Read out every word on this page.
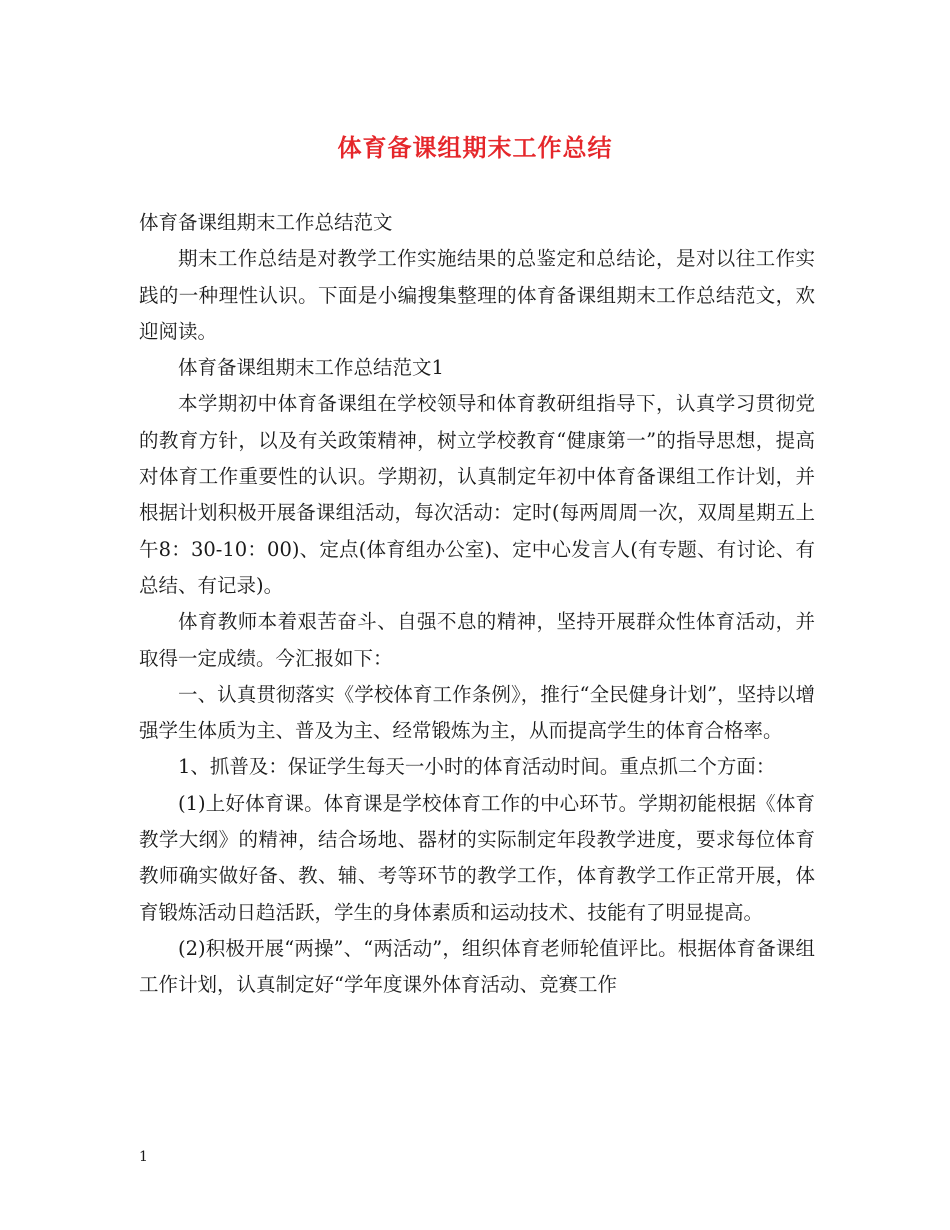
体育备课组期末工作总结

体育备课组期末工作总结范文

期末工作总结是对教学工作实施结果的总鉴定和总结论，是对以往工作实践的一种理性认识。下面是小编搜集整理的体育备课组期末工作总结范文，欢迎阅读。

体育备课组期末工作总结范文1

本学期初中体育备课组在学校领导和体育教研组指导下，认真学习贯彻党的教育方针，以及有关政策精神，树立学校教育“健康第一”的指导思想，提高对体育工作重要性的认识。学期初，认真制定年初中体育备课组工作计划，并根据计划积极开展备课组活动，每次活动：定时(每两周周一次，双周星期五上午8：30-10：00)、定点(体育组办公室)、定中心发言人(有专题、有讨论、有总结、有记录)。

体育教师本着艰苦奋斗、自强不息的精神，坚持开展群众性体育活动，并取得一定成绩。今汇报如下：

一、认真贯彻落实《学校体育工作条例》，推行“全民健身计划”，坚持以增强学生体质为主、普及为主、经常锻炼为主，从而提高学生的体育合格率。

1、抓普及：保证学生每天一小时的体育活动时间。重点抓二个方面：

(1)上好体育课。体育课是学校体育工作的中心环节。学期初能根据《体育教学大纲》的精神，结合场地、器材的实际制定年段教学进度，要求每位体育教师确实做好备、教、辅、考等环节的教学工作，体育教学工作正常开展，体育锻炼活动日趋活跃，学生的身体素质和运动技术、技能有了明显提高。

(2)积极开展“两操”、“两活动”，组织体育老师轮值评比。根据体育备课组工作计划，认真制定好“学年度课外体育活动、竞赛工作

1
